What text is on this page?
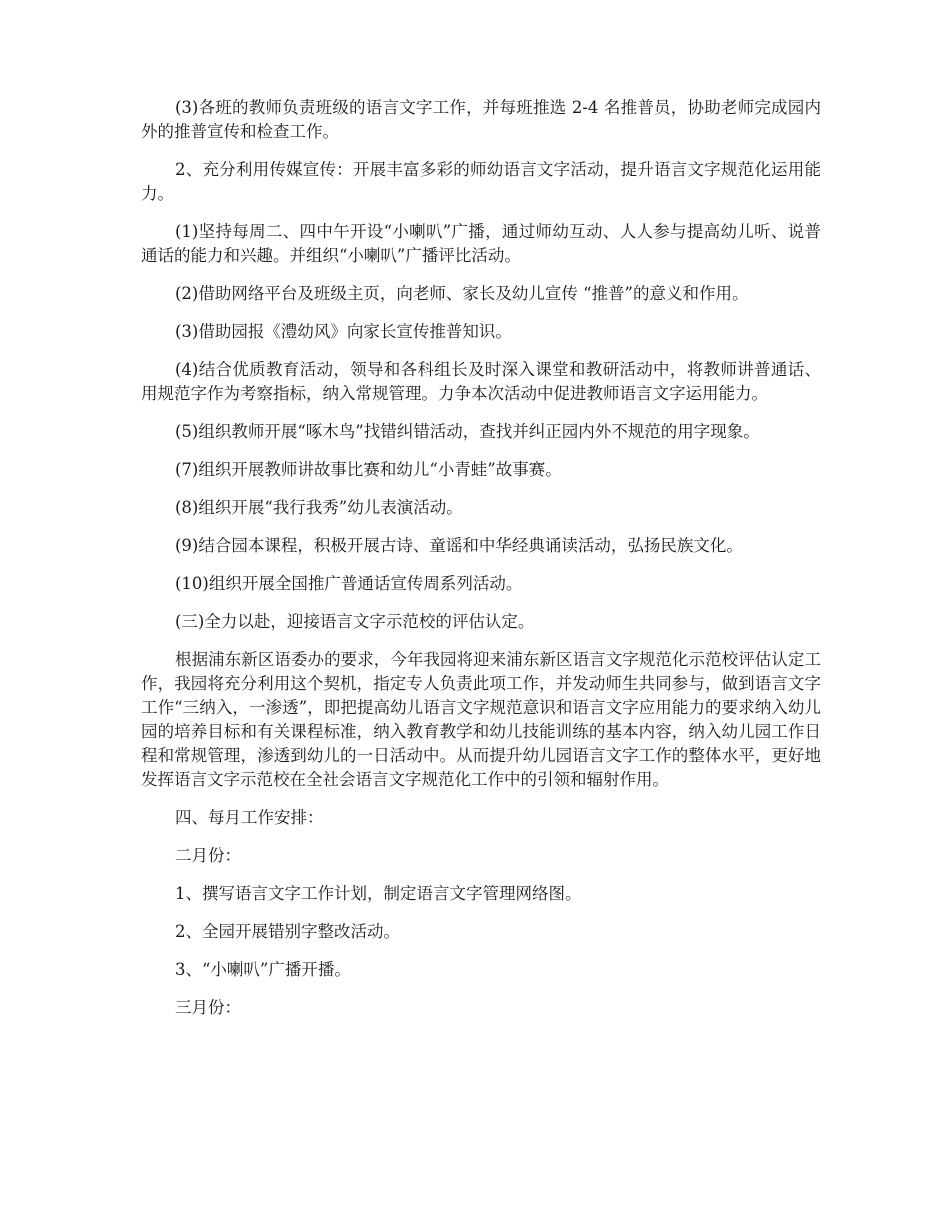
(3)各班的教师负责班级的语言文字工作，并每班推选 2-4 名推普员，协助老师完成园内外的推普宣传和检查工作。

2、充分利用传媒宣传：开展丰富多彩的师幼语言文字活动，提升语言文字规范化运用能力。

(1)坚持每周二、四中午开设“小喇叭”广播，通过师幼互动、人人参与提高幼儿听、说普通话的能力和兴趣。并组织“小喇叭”广播评比活动。

(2)借助网络平台及班级主页，向老师、家长及幼儿宣传 “推普”的意义和作用。

(3)借助园报《澧幼风》向家长宣传推普知识。

(4)结合优质教育活动，领导和各科组长及时深入课堂和教研活动中，将教师讲普通话、用规范字作为考察指标，纳入常规管理。力争本次活动中促进教师语言文字运用能力。

(5)组织教师开展“啄木鸟”找错纠错活动，查找并纠正园内外不规范的用字现象。

(7)组织开展教师讲故事比赛和幼儿“小青蛙”故事赛。

(8)组织开展“我行我秀”幼儿表演活动。

(9)结合园本课程，积极开展古诗、童谣和中华经典诵读活动，弘扬民族文化。

(10)组织开展全国推广普通话宣传周系列活动。

(三)全力以赴，迎接语言文字示范校的评估认定。

根据浦东新区语委办的要求，今年我园将迎来浦东新区语言文字规范化示范校评估认定工作，我园将充分利用这个契机，指定专人负责此项工作，并发动师生共同参与，做到语言文字工作“三纳入，一渗透”，即把提高幼儿语言文字规范意识和语言文字应用能力的要求纳入幼儿园的培养目标和有关课程标准，纳入教育教学和幼儿技能训练的基本内容，纳入幼儿园工作日程和常规管理，渗透到幼儿的一日活动中。从而提升幼儿园语言文字工作的整体水平，更好地发挥语言文字示范校在全社会语言文字规范化工作中的引领和辐射作用。

四、每月工作安排：

二月份：

1、撰写语言文字工作计划，制定语言文字管理网络图。

2、全园开展错别字整改活动。

3、“小喇叭”广播开播。

三月份：
